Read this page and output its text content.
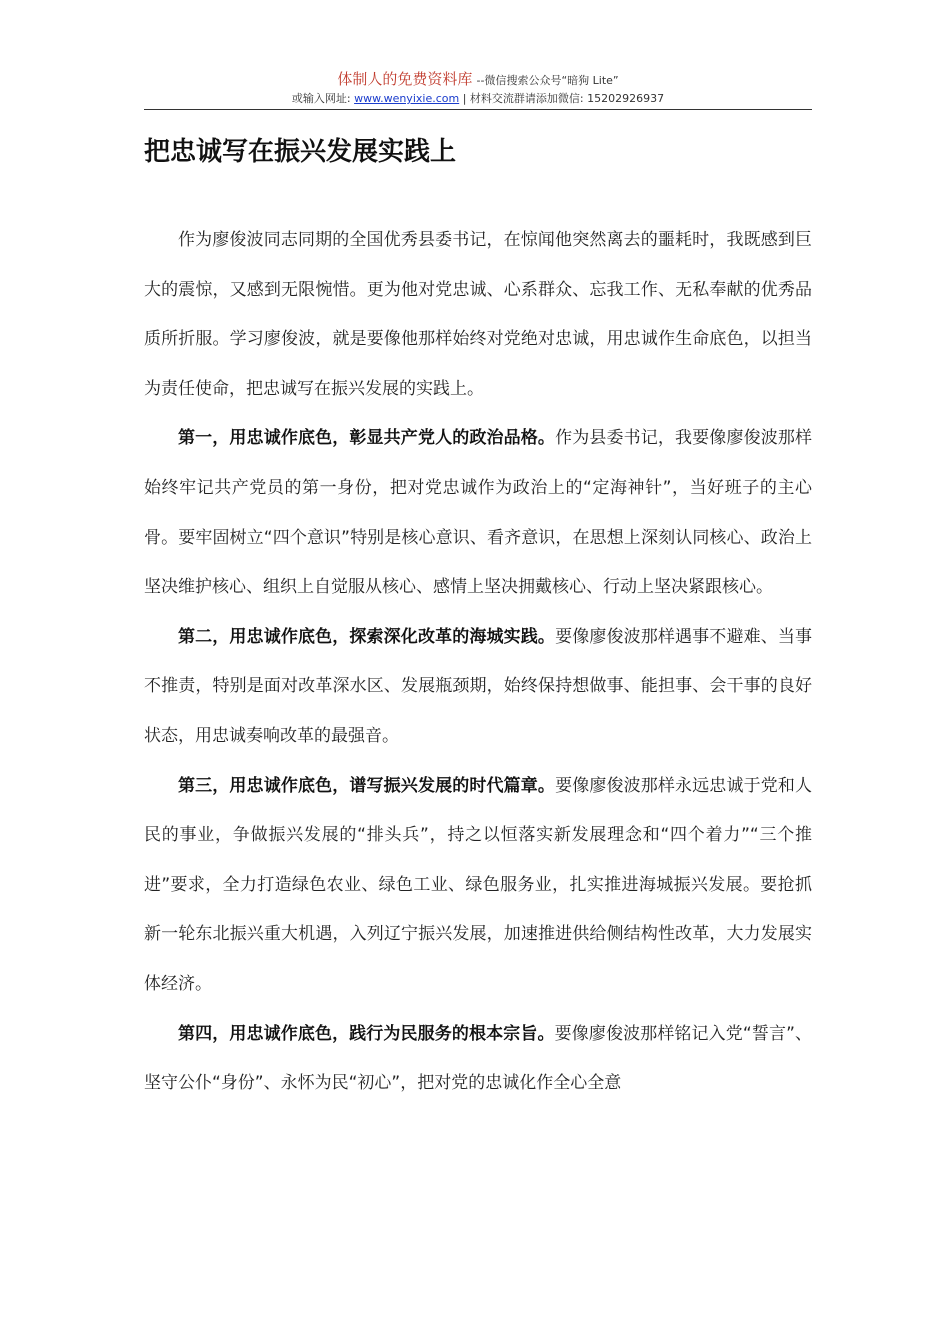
体制人的免费资料库 --微信搜索公众号“暗狗 Lite”
或输入网址: www.wenyixie.com | 材料交流群请添加微信: 15202926937
把忠诚写在振兴发展实践上

作为廖俊波同志同期的全国优秀县委书记，在惊闻他突然离去的噩耗时，我既感到巨大的震惊，又感到无限惋惜。更为他对党忠诚、心系群众、忘我工作、无私奉献的优秀品质所折服。学习廖俊波，就是要像他那样始终对党绝对忠诚，用忠诚作生命底色，以担当为责任使命，把忠诚写在振兴发展的实践上。

第一，用忠诚作底色，彰显共产党人的政治品格。作为县委书记，我要像廖俊波那样始终牢记共产党员的第一身份，把对党忠诚作为政治上的“定海神针”，当好班子的主心骨。要牢固树立“四个意识”特别是核心意识、看齐意识，在思想上深刻认同核心、政治上坚决维护核心、组织上自觉服从核心、感情上坚决拥戴核心、行动上坚决紧跟核心。

第二，用忠诚作底色，探索深化改革的海城实践。要像廖俊波那样遇事不避难、当事不推责，特别是面对改革深水区、发展瓶颈期，始终保持想做事、能担事、会干事的良好状态，用忠诚奏响改革的最强音。

第三，用忠诚作底色，谱写振兴发展的时代篇章。要像廖俊波那样永远忠诚于党和人民的事业，争做振兴发展的“排头兵”，持之以恒落实新发展理念和“四个着力”“三个推进”要求，全力打造绿色农业、绿色工业、绿色服务业，扎实推进海城振兴发展。要抢抓新一轮东北振兴重大机遇，入列辽宁振兴发展，加速推进供给侧结构性改革，大力发展实体经济。

第四，用忠诚作底色，践行为民服务的根本宗旨。要像廖俊波那样铭记入党“誓言”、坚守公仆“身份”、永怀为民“初心”，把对党的忠诚化作全心全意
